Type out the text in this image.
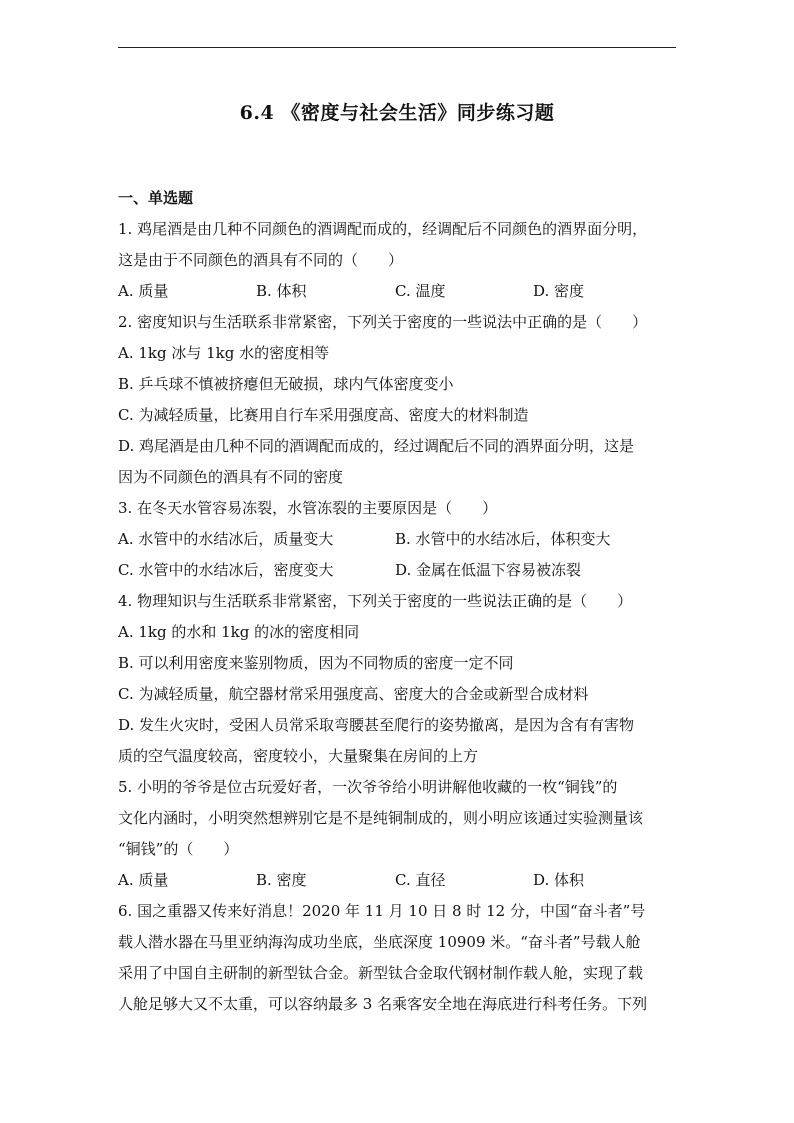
6.4 《密度与社会生活》同步练习题
一、单选题
1. 鸡尾酒是由几种不同颜色的酒调配而成的，经调配后不同颜色的酒界面分明，
这是由于不同颜色的酒具有不同的（　　）
A. 质量	B. 体积	C. 温度	D. 密度
2. 密度知识与生活联系非常紧密，下列关于密度的一些说法中正确的是（　　）
A. 1kg 冰与 1kg 水的密度相等
B. 乒乓球不慎被挤瘪但无破损，球内气体密度变小
C. 为减轻质量，比赛用自行车采用强度高、密度大的材料制造
D. 鸡尾酒是由几种不同的酒调配而成的，经过调配后不同的酒界面分明，这是
因为不同颜色的酒具有不同的密度
3. 在冬天水管容易冻裂，水管冻裂的主要原因是（　　）
A. 水管中的水结冰后，质量变大	B. 水管中的水结冰后，体积变大
C. 水管中的水结冰后，密度变大	D. 金属在低温下容易被冻裂
4. 物理知识与生活联系非常紧密，下列关于密度的一些说法正确的是（　　）
A. 1kg 的水和 1kg 的冰的密度相同
B. 可以利用密度来鉴别物质，因为不同物质的密度一定不同
C. 为减轻质量，航空器材常采用强度高、密度大的合金或新型合成材料
D. 发生火灾时，受困人员常采取弯腰甚至爬行的姿势撤离，是因为含有有害物
质的空气温度较高，密度较小，大量聚集在房间的上方
5. 小明的爷爷是位古玩爱好者，一次爷爷给小明讲解他收藏的一枚“铜钱”的
文化内涵时，小明突然想辨别它是不是纯铜制成的，则小明应该通过实验测量该
“铜钱”的（　　）
A. 质量	B. 密度	C. 直径	D. 体积
6. 国之重器又传来好消息！2020 年 11 月 10 日 8 时 12 分，中国“奋斗者”号
载人潜水器在马里亚纳海沟成功坐底，坐底深度 10909 米。“奋斗者”号载人舱
采用了中国自主研制的新型钛合金。新型钛合金取代钢材制作载人舱，实现了载
人舱足够大又不太重，可以容纳最多 3 名乘客安全地在海底进行科考任务。下列
